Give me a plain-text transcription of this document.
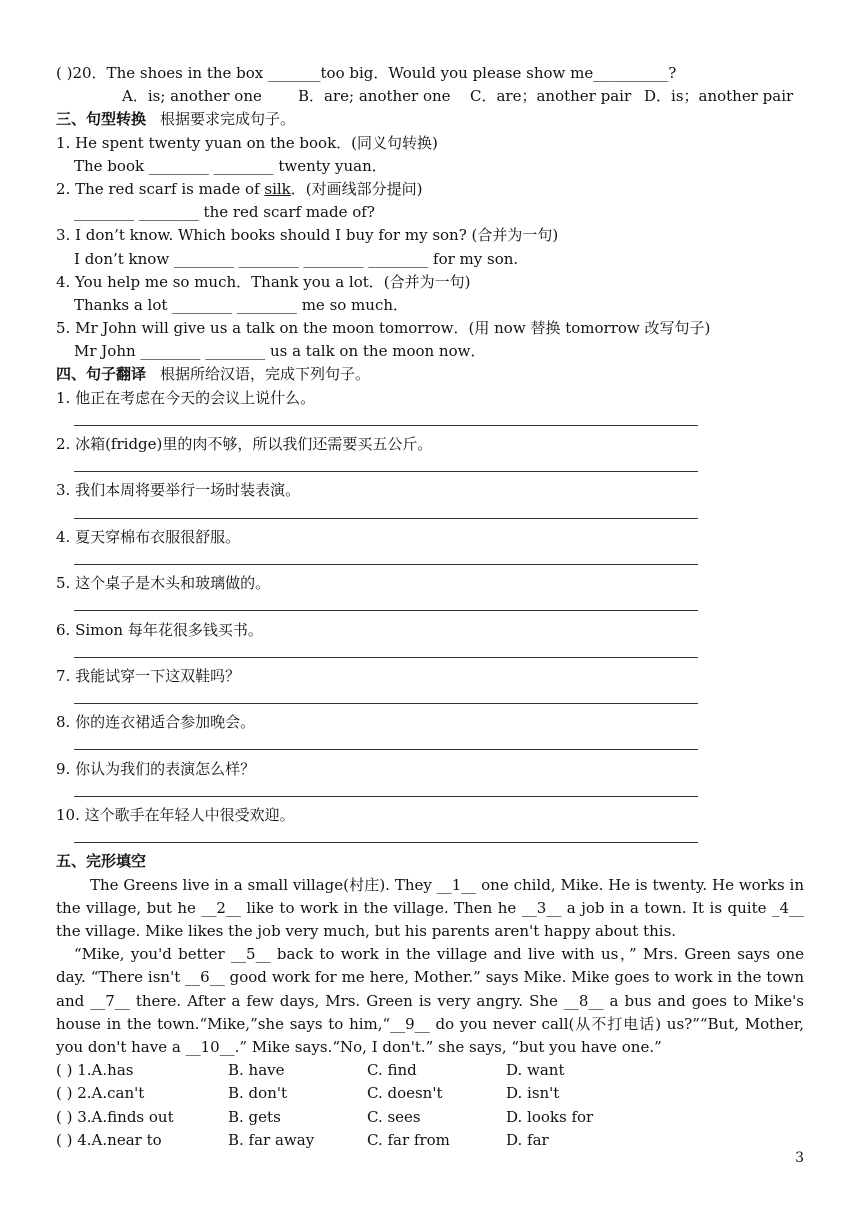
( )20．The shoes in the box _______too big．Would you please show me__________?
A．is; another one B．are; another one C．are；another pair D．is；another pair
三、句型转换 根据要求完成句子。
1. He spent twenty yuan on the book．(同义句转换)
The book ________ ________ twenty yuan．
2. The red scarf is made of silk．(对画线部分提问)
________ ________ the red scarf made of?
3. I don’t know. Which books should I buy for my son? (合并为一句)
I don’t know ________ ________ ________ ________ for my son.
4. You help me so much．Thank you a lot．(合并为一句)
Thanks a lot ________ ________ me so much．
5. Mr John will give us a talk on the moon tomorrow．(用 now 替换 tomorrow 改写句子)
Mr John ________ ________ us a talk on the moon now．
四、句子翻译 根据所给汉语，完成下列句子。
1. 他正在考虑在今天的会议上说什么。
2. 冰箱(fridge)里的肉不够，所以我们还需要买五公斤。
3. 我们本周将要举行一场时装表演。
4. 夏天穿棉布衣服很舒服。
5. 这个桌子是木头和玻璃做的。
6. Simon 每年花很多钱买书。
7. 我能试穿一下这双鞋吗？
8. 你的连衣裙适合参加晚会。
9. 你认为我们的表演怎么样？
10. 这个歌手在年轻人中很受欢迎。
五、完形填空
The Greens live in a small village(村庄). They __1__ one child, Mike. He is twenty. He works in the village, but he __2__ like to work in the village. Then he __3__ a job in a town. It is quite _4__ the village. Mike likes the job very much, but his parents aren't happy about this.
“Mike, you'd better __5__ back to work in the village and live with us，” Mrs. Green says one day. “There isn't __6__ good work for me here, Mother.” says Mike. Mike goes to work in the town and __7__ there. After a few days, Mrs. Green is very angry. She __8__ a bus and goes to Mike's house in the town.“Mike,”she says to him,“__9__ do you never call(从不打电话) us?”“But, Mother, you don't have a __10__.” Mike says.“No, I don't.” she says, “but you have one.”
( ) 1.A.has	B. have	C. find	D. want
( ) 2.A.can't	B. don't	C. doesn't	D. isn't
( ) 3.A.finds out	B. gets	C. sees	D. looks for
( ) 4.A.near to	B. far away	C. far from	D. far
3
